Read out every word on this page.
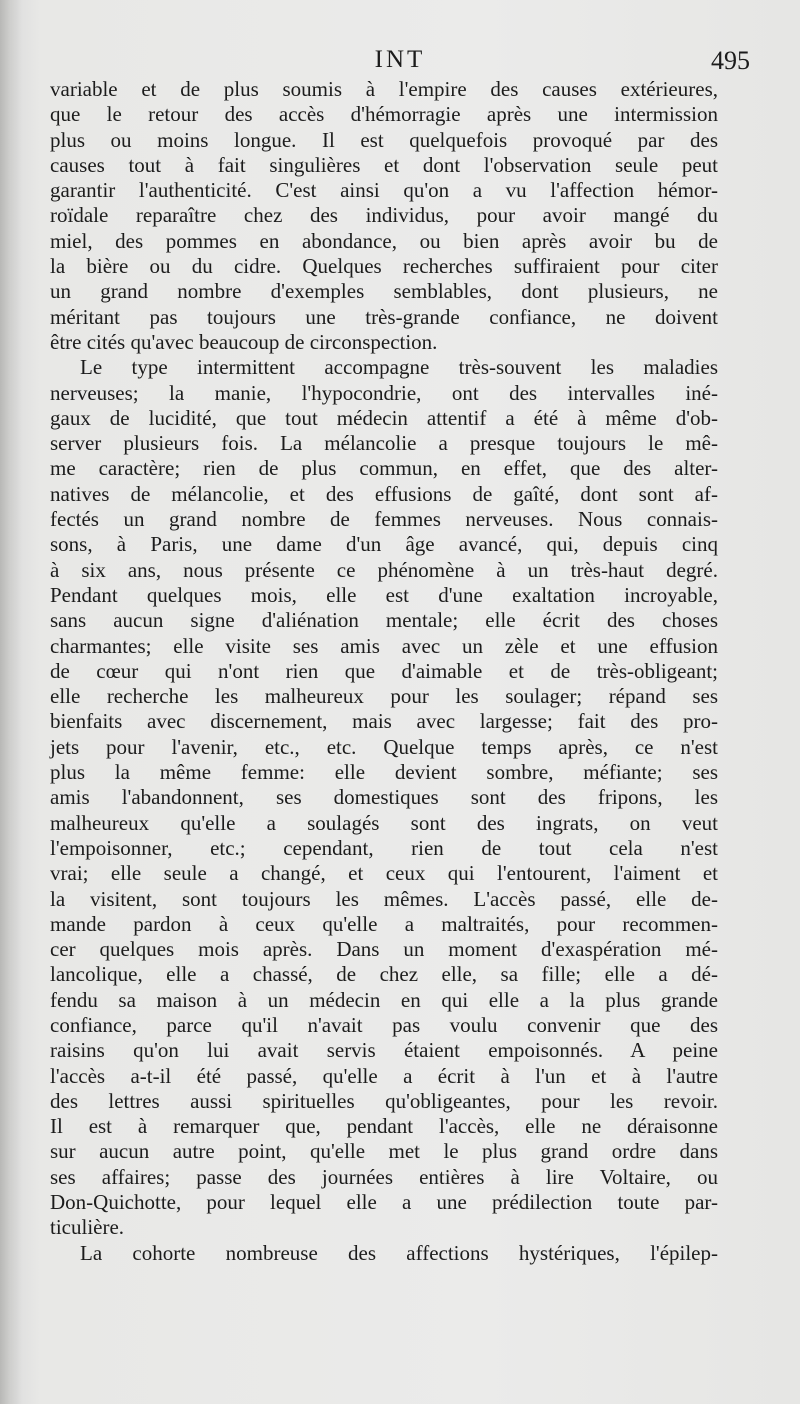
INT	495
variable et de plus soumis à l'empire des causes extérieures,
que le retour des accès d'hémorragie après une intermission
plus ou moins longue. Il est quelquefois provoqué par des
causes tout à fait singulières et dont l'observation seule peut
garantir l'authenticité. C'est ainsi qu'on a vu l'affection hémor-
roïdale reparaître chez des individus, pour avoir mangé du
miel, des pommes en abondance, ou bien après avoir bu de
la bière ou du cidre. Quelques recherches suffiraient pour citer
un grand nombre d'exemples semblables, dont plusieurs, ne
méritant pas toujours une très-grande confiance, ne doivent
être cités qu'avec beaucoup de circonspection.
Le type intermittent accompagne très-souvent les maladies
nerveuses; la manie, l'hypocondrie, ont des intervalles iné-
gaux de lucidité, que tout médecin attentif a été à même d'ob-
server plusieurs fois. La mélancolie a presque toujours le mê-
me caractère; rien de plus commun, en effet, que des alter-
natives de mélancolie, et des effusions de gaîté, dont sont af-
fectés un grand nombre de femmes nerveuses. Nous connais-
sons, à Paris, une dame d'un âge avancé, qui, depuis cinq
à six ans, nous présente ce phénomène à un très-haut degré.
Pendant quelques mois, elle est d'une exaltation incroyable,
sans aucun signe d'aliénation mentale; elle écrit des choses
charmantes; elle visite ses amis avec un zèle et une effusion
de cœur qui n'ont rien que d'aimable et de très-obligeant;
elle recherche les malheureux pour les soulager; répand ses
bienfaits avec discernement, mais avec largesse; fait des pro-
jets pour l'avenir, etc., etc. Quelque temps après, ce n'est
plus la même femme: elle devient sombre, méfiante; ses
amis l'abandonnent, ses domestiques sont des fripons, les
malheureux qu'elle a soulagés sont des ingrats, on veut
l'empoisonner, etc.; cependant, rien de tout cela n'est
vrai; elle seule a changé, et ceux qui l'entourent, l'aiment et
la visitent, sont toujours les mêmes. L'accès passé, elle de-
mande pardon à ceux qu'elle a maltraités, pour recommen-
cer quelques mois après. Dans un moment d'exaspération mé-
lancolique, elle a chassé, de chez elle, sa fille; elle a dé-
fendu sa maison à un médecin en qui elle a la plus grande
confiance, parce qu'il n'avait pas voulu convenir que des
raisins qu'on lui avait servis étaient empoisonnés. A peine
l'accès a-t-il été passé, qu'elle a écrit à l'un et à l'autre
des lettres aussi spirituelles qu'obligeantes, pour les revoir.
Il est à remarquer que, pendant l'accès, elle ne déraisonne
sur aucun autre point, qu'elle met le plus grand ordre dans
ses affaires; passe des journées entières à lire Voltaire, ou
Don-Quichotte, pour lequel elle a une prédilection toute par-
ticulière.
La cohorte nombreuse des affections hystériques, l'épilep-
